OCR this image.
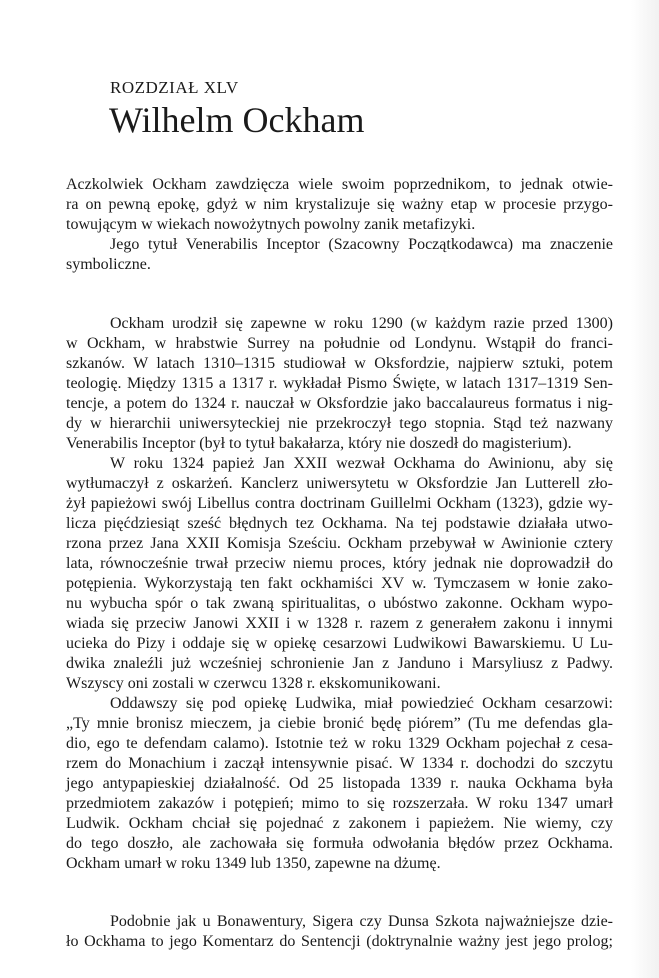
ROZDZIAŁ XLV
Wilhelm Ockham
Aczkolwiek Ockham zawdzięcza wiele swoim poprzednikom, to jednak otwie-
ra on pewną epokę, gdyż w nim krystalizuje się ważny etap w procesie przygo-
towującym w wiekach nowożytnych powolny zanik metafizyki.
Jego tytuł Venerabilis Inceptor (Szacowny Początkodawca) ma znaczenie
symboliczne.
Ockham urodził się zapewne w roku 1290 (w każdym razie przed 1300)
w Ockham, w hrabstwie Surrey na południe od Londynu. Wstąpił do franci-
szkanów. W latach 1310–1315 studiował w Oksfordzie, najpierw sztuki, potem
teologię. Między 1315 a 1317 r. wykładał Pismo Święte, w latach 1317–1319 Sen-
tencje, a potem do 1324 r. nauczał w Oksfordzie jako baccalaureus formatus i nig-
dy w hierarchii uniwersyteckiej nie przekroczył tego stopnia. Stąd też nazwany
Venerabilis Inceptor (był to tytuł bakałarza, który nie doszedł do magisterium).
W roku 1324 papież Jan XXII wezwał Ockhama do Awinionu, aby się
wytłumaczył z oskarżeń. Kanclerz uniwersytetu w Oksfordzie Jan Lutterell zło-
żył papieżowi swój Libellus contra doctrinam Guillelmi Ockham (1323), gdzie wy-
licza pięćdziesiąt sześć błędnych tez Ockhama. Na tej podstawie działała utwo-
rzona przez Jana XXII Komisja Sześciu. Ockham przebywał w Awinionie cztery
lata, równocześnie trwał przeciw niemu proces, który jednak nie doprowadził do
potępienia. Wykorzystają ten fakt ockhamiści XV w. Tymczasem w łonie zako-
nu wybucha spór o tak zwaną spiritualitas, o ubóstwo zakonne. Ockham wypo-
wiada się przeciw Janowi XXII i w 1328 r. razem z generałem zakonu i innymi
ucieka do Pizy i oddaje się w opiekę cesarzowi Ludwikowi Bawarskiemu. U Lu-
dwika znaleźli już wcześniej schronienie Jan z Janduno i Marsyliusz z Padwy.
Wszyscy oni zostali w czerwcu 1328 r. ekskomunikowani.
Oddawszy się pod opiekę Ludwika, miał powiedzieć Ockham cesarzowi:
„Ty mnie bronisz mieczem, ja ciebie bronić będę piórem” (Tu me defendas gla-
dio, ego te defendam calamo). Istotnie też w roku 1329 Ockham pojechał z cesa-
rzem do Monachium i zaczął intensywnie pisać. W 1334 r. dochodzi do szczytu
jego antypapieskiej działalność. Od 25 listopada 1339 r. nauka Ockhama była
przedmiotem zakazów i potępień; mimo to się rozszerzała. W roku 1347 umarł
Ludwik. Ockham chciał się pojednać z zakonem i papieżem. Nie wiemy, czy
do tego doszło, ale zachowała się formuła odwołania błędów przez Ockhama.
Ockham umarł w roku 1349 lub 1350, zapewne na dżumę.
Podobnie jak u Bonawentury, Sigera czy Dunsa Szkota najważniejsze dzie-
ło Ockhama to jego Komentarz do Sentencji (doktrynalnie ważny jest jego prolog;
